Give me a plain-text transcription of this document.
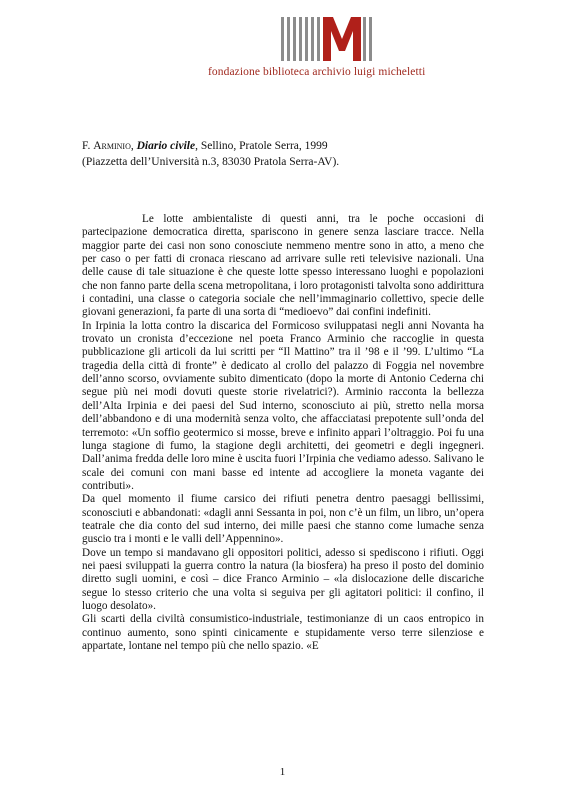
fondazione biblioteca archivio luigi micheletti
F. Arminio, Diario civile, Sellino, Pratole Serra, 1999
(Piazzetta dell’Università n.3, 83030 Pratola Serra-AV).

Le lotte ambientaliste di questi anni, tra le poche occasioni di partecipazione democratica diretta, spariscono in genere senza lasciare tracce. Nella maggior parte dei casi non sono conosciute nemmeno mentre sono in atto, a meno che per caso o per fatti di cronaca riescano ad arrivare sulle reti televisive nazionali. Una delle cause di tale situazione è che queste lotte spesso interessano luoghi e popolazioni che non fanno parte della scena metropolitana, i loro protagonisti talvolta sono addirittura i contadini, una classe o categoria sociale che nell’immaginario collettivo, specie delle giovani generazioni, fa parte di una sorta di “medioevo” dai confini indefiniti.

In Irpinia la lotta contro la discarica del Formicoso sviluppatasi negli anni Novanta ha trovato un cronista d’eccezione nel poeta Franco Arminio che raccoglie in questa pubblicazione gli articoli da lui scritti per “Il Mattino” tra il ’98 e il ’99. L’ultimo “La tragedia della città di fronte” è dedicato al crollo del palazzo di Foggia nel novembre dell’anno scorso, ovviamente subito dimenticato (dopo la morte di Antonio Cederna chi segue più nei modi dovuti queste storie rivelatrici?). Arminio racconta la bellezza dell’Alta Irpinia e dei paesi del Sud interno, sconosciuto ai più, stretto nella morsa dell’abbandono e di una modernità senza volto, che affacciatasi prepotente sull’onda del terremoto: «Un soffio geotermico si mosse, breve e infinito apparì l’oltraggio. Poi fu una lunga stagione di fumo, la stagione degli architetti, dei geometri e degli ingegneri. Dall’anima fredda delle loro mine è uscita fuori l’Irpinia che vediamo adesso. Salivano le scale dei comuni con mani basse ed intente ad accogliere la moneta vagante dei contributi».

Da quel momento il fiume carsico dei rifiuti penetra dentro paesaggi bellissimi, sconosciuti e abbandonati: «dagli anni Sessanta in poi, non c’è un film, un libro, un’opera teatrale che dia conto del sud interno, dei mille paesi che stanno come lumache senza guscio tra i monti e le valli dell’Appennino».

Dove un tempo si mandavano gli oppositori politici, adesso si spediscono i rifiuti. Oggi nei paesi sviluppati la guerra contro la natura (la biosfera) ha preso il posto del dominio diretto sugli uomini, e così – dice Franco Arminio – «la dislocazione delle discariche segue lo stesso criterio che una volta si seguiva per gli agitatori politici: il confino, il luogo desolato».

Gli scarti della civiltà consumistico-industriale, testimonianze di un caos entropico in continuo aumento, sono spinti cinicamente e stupidamente verso terre silenziose e appartate, lontane nel tempo più che nello spazio. «E

1
